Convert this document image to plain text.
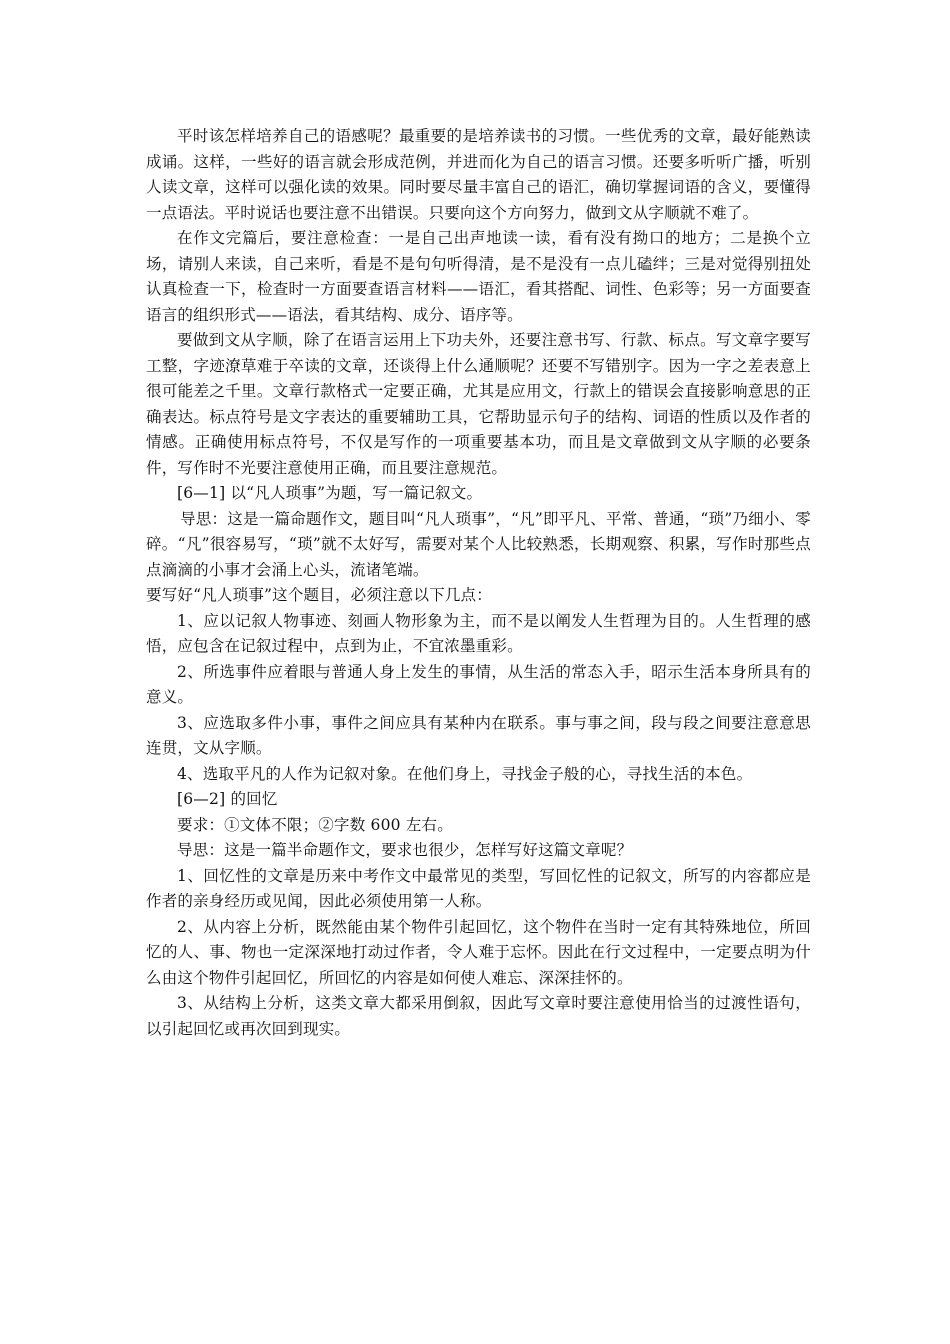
平时该怎样培养自己的语感呢？最重要的是培养读书的习惯。一些优秀的文章，最好能熟读成诵。这样，一些好的语言就会形成范例，并进而化为自己的语言习惯。还要多听听广播，听别人读文章，这样可以强化读的效果。同时要尽量丰富自己的语汇，确切掌握词语的含义，要懂得一点语法。平时说话也要注意不出错误。只要向这个方向努力，做到文从字顺就不难了。

在作文完篇后，要注意检查：一是自己出声地读一读，看有没有拗口的地方；二是换个立场，请别人来读，自己来听，看是不是句句听得清，是不是没有一点儿磕绊；三是对觉得别扭处认真检查一下，检查时一方面要查语言材料——语汇，看其搭配、词性、色彩等；另一方面要查语言的组织形式——语法，看其结构、成分、语序等。

要做到文从字顺，除了在语言运用上下功夫外，还要注意书写、行款、标点。写文章字要写工整，字迹潦草难于卒读的文章，还谈得上什么通顺呢？还要不写错别字。因为一字之差表意上很可能差之千里。文章行款格式一定要正确，尤其是应用文，行款上的错误会直接影响意思的正确表达。标点符号是文字表达的重要辅助工具，它帮助显示句子的结构、词语的性质以及作者的情感。正确使用标点符号，不仅是写作的一项重要基本功，而且是文章做到文从字顺的必要条件，写作时不光要注意使用正确，而且要注意规范。

[6—1] 以“凡人琐事”为题，写一篇记叙文。

导思：这是一篇命题作文，题目叫“凡人琐事”，“凡”即平凡、平常、普通，“琐”乃细小、零碎。“凡”很容易写，“琐”就不太好写，需要对某个人比较熟悉，长期观察、积累，写作时那些点点滴滴的小事才会涌上心头，流诸笔端。

要写好“凡人琐事”这个题目，必须注意以下几点：

1、应以记叙人物事迹、刻画人物形象为主，而不是以阐发人生哲理为目的。人生哲理的感悟，应包含在记叙过程中，点到为止，不宜浓墨重彩。

2、所选事件应着眼与普通人身上发生的事情，从生活的常态入手，昭示生活本身所具有的意义。

3、应选取多件小事，事件之间应具有某种内在联系。事与事之间，段与段之间要注意意思连贯，文从字顺。

4、选取平凡的人作为记叙对象。在他们身上，寻找金子般的心，寻找生活的本色。

[6—2] 的回忆

要求：①文体不限；②字数 600 左右。

导思：这是一篇半命题作文，要求也很少，怎样写好这篇文章呢？

1、回忆性的文章是历来中考作文中最常见的类型，写回忆性的记叙文，所写的内容都应是作者的亲身经历或见闻，因此必须使用第一人称。

2、从内容上分析，既然能由某个物件引起回忆，这个物件在当时一定有其特殊地位，所回忆的人、事、物也一定深深地打动过作者，令人难于忘怀。因此在行文过程中，一定要点明为什么由这个物件引起回忆，所回忆的内容是如何使人难忘、深深挂怀的。

3、从结构上分析，这类文章大都采用倒叙，因此写文章时要注意使用恰当的过渡性语句，以引起回忆或再次回到现实。
